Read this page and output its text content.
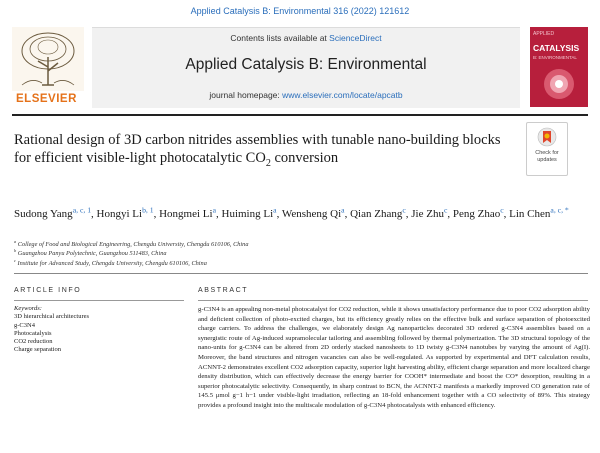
Applied Catalysis B: Environmental 316 (2022) 121612
ELSEVIER
Contents lists available at ScienceDirect
Applied Catalysis B: Environmental
journal homepage: www.elsevier.com/locate/apcatb
APPLIED
CATALYSIS
B: ENVIRONMENTAL
Rational design of 3D carbon nitrides assemblies with tunable nano-building blocks for efficient visible-light photocatalytic $CO_2$ conversion	Check for updates
Sudong Yang$^{a, c, 1}$, Hongyi Li$^{b, 1}$, Hongmei Li$^a$, Huiming Li$^a$, Wensheng Qi$^a$, Qian Zhang$^c$, Jie Zhu$^c$, Peng Zhao$^c$, Lin Chen$^{a, c, *}$
$^a$ College of Food and Biological Engineering, Chengdu University, Chengdu 610106, China
$^b$ Guangzhou Panyu Polytechnic, Guangzhou 511483, China
$^c$ Institute for Advanced Study, Chengdu University, Chengdu 610106, China
ARTICLE INFO	ABSTRACT
Keywords:
3D hierarchical architectures
g-C3N4
Photocatalysis
CO2 reduction
Charge separation
g-C3N4 is an appealing non-metal photocatalyst for CO2 reduction, while it shows unsatisfactory performance due to poor CO2 adsorption ability and deficient collection of photo-excited charges, but its efficiency greatly relies on the effective bulk and surface separation of photoexcited charge carriers. To address the challenges, we elaborately design Ag nanoparticles decorated 3D ordered g-C3N4 assemblies based on a synergistic route of Ag-induced supramolecular tailoring and assembling followed by thermal polymerization. The 3D structural topology of the nano-units for g-C3N4 can be altered from 2D orderly stacked nanosheets to 1D twisty g-C3N4 nanotubes by varying the amount of Ag(I). Moreover, the band structures and nitrogen vacancies can also be well-regulated. As supported by experimental and DFT calculation results, ACNNT-2 demonstrates excellent CO2 adsorption capacity, superior light harvesting ability, efficient charge separation and more localized charge density distribution, which can effectively decrease the energy barrier for COOH* intermediate and boost the CO* desorption, resulting in a superior photocatalytic selectivity. Consequently, in sharp contrast to BCN, the ACNNT-2 manifests a markedly improved CO generation rate of 145.5 μmol g−1 h−1 under visible-light irradiation, reflecting an 18-fold enhancement together with a CO selectivity of 89%. This strategy provides a profound insight into the multiscale modulation of g-C3N4 photocatalysis with enhanced efficiency.
